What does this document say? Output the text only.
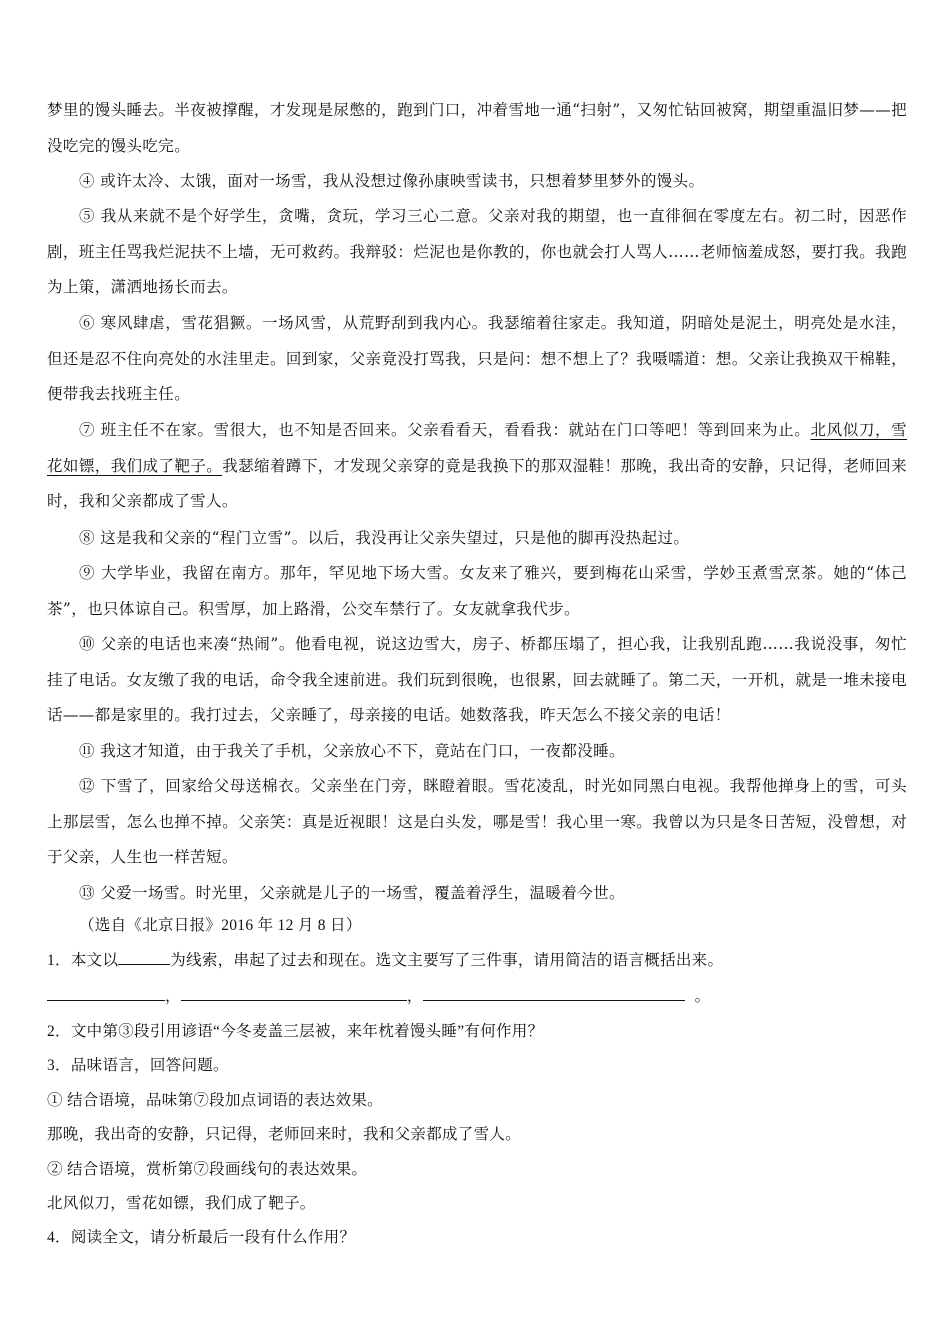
梦里的馒头睡去。半夜被撑醒，才发现是尿憋的，跑到门口，冲着雪地一通“扫射”，又匆忙钻回被窝，期望重温旧梦——把没吃完的馒头吃完。
④ 或许太冷、太饿，面对一场雪，我从没想过像孙康映雪读书，只想着梦里梦外的馒头。
⑤ 我从来就不是个好学生，贪嘴，贪玩，学习三心二意。父亲对我的期望，也一直徘徊在零度左右。初二时，因恶作剧，班主任骂我烂泥扶不上墙，无可救药。我辩驳：烂泥也是你教的，你也就会打人骂人……老师恼羞成怒，要打我。我跑为上策，潇洒地扬长而去。
⑥ 寒风肆虐，雪花猖獗。一场风雪，从荒野刮到我内心。我瑟缩着往家走。我知道，阴暗处是泥土，明亮处是水洼，但还是忍不住向亮处的水洼里走。回到家，父亲竟没打骂我，只是问：想不想上了？我嗫嚅道：想。父亲让我换双干棉鞋，便带我去找班主任。
⑦ 班主任不在家。雪很大，也不知是否回来。父亲看看天，看看我：就站在门口等吧！等到回来为止。北风似刀，雪花如镖，我们成了靶子。我瑟缩着蹲下，才发现父亲穿的竟是我换下的那双湿鞋！那晚，我出奇的安静，只记得，老师回来时，我和父亲都成了雪人。
⑧ 这是我和父亲的“程门立雪”。以后，我没再让父亲失望过，只是他的脚再没热起过。
⑨ 大学毕业，我留在南方。那年，罕见地下场大雪。女友来了雅兴，要到梅花山采雪，学妙玉煮雪烹茶。她的“体己茶”，也只体谅自己。积雪厚，加上路滑，公交车禁行了。女友就拿我代步。
⑩ 父亲的电话也来凑“热闹”。他看电视，说这边雪大，房子、桥都压塌了，担心我，让我别乱跑……我说没事，匆忙挂了电话。女友缴了我的电话，命令我全速前进。我们玩到很晚，也很累，回去就睡了。第二天，一开机，就是一堆未接电话——都是家里的。我打过去，父亲睡了，母亲接的电话。她数落我，昨天怎么不接父亲的电话！
⑪ 我这才知道，由于我关了手机，父亲放心不下，竟站在门口，一夜都没睡。
⑫ 下雪了，回家给父母送棉衣。父亲坐在门旁，眯瞪着眼。雪花凌乱，时光如同黑白电视。我帮他掸身上的雪，可头上那层雪，怎么也掸不掉。父亲笑：真是近视眼！这是白头发，哪是雪！我心里一寒。我曾以为只是冬日苦短，没曾想，对于父亲，人生也一样苦短。
⑬ 父爱一场雪。时光里，父亲就是儿子的一场雪，覆盖着浮生，温暖着今世。
（选自《北京日报》2016 年 12 月 8 日）
1．本文以	为线索，串起了过去和现在。选文主要写了三件事，请用简洁的语言概括出来。
，	，	。
2．文中第③段引用谚语“今冬麦盖三层被，来年枕着馒头睡”有何作用？
3．品味语言，回答问题。
① 结合语境，品味第⑦段加点词语的表达效果。
那晚，我出奇的安静，只记得，老师回来时，我和父亲都成了雪人。
② 结合语境，赏析第⑦段画线句的表达效果。
北风似刀，雪花如镖，我们成了靶子。
4．阅读全文，请分析最后一段有什么作用？
